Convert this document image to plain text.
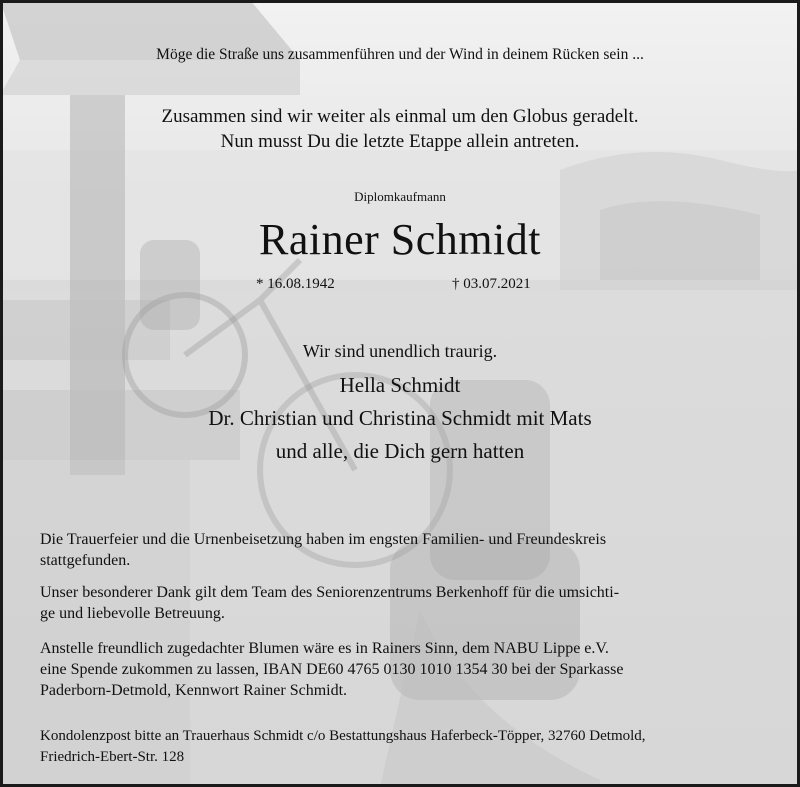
Möge die Straße uns zusammenführen und der Wind in deinem Rücken sein ...

Zusammen sind wir weiter als einmal um den Globus geradelt.
Nun musst Du die letzte Etappe allein antreten.

Diplomkaufmann

Rainer Schmidt

* 16.08.1942	† 03.07.2021

Wir sind unendlich traurig.

Hella Schmidt
Dr. Christian und Christina Schmidt mit Mats
und alle, die Dich gern hatten
Die Trauerfeier und die Urnenbeisetzung haben im engsten Familien- und Freundeskreis
stattgefunden.
Unser besonderer Dank gilt dem Team des Seniorenzentrums Berkenhoff für die umsichti-
ge und liebevolle Betreuung.
Anstelle freundlich zugedachter Blumen wäre es in Rainers Sinn, dem NABU Lippe e.V.
eine Spende zukommen zu lassen, IBAN DE60 4765 0130 1010 1354 30 bei der Sparkasse
Paderborn-Detmold, Kennwort Rainer Schmidt.
Kondolenzpost bitte an Trauerhaus Schmidt c/o Bestattungshaus Haferbeck-Töpper, 32760 Detmold,
Friedrich-Ebert-Str. 128
